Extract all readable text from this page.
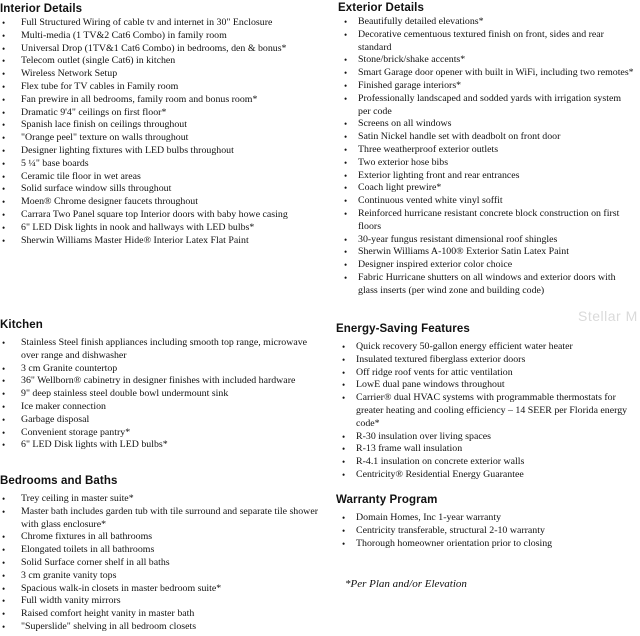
Interior Details
• Full Structured Wiring of cable tv and internet in 30" Enclosure
• Multi-media (1 TV&2 Cat6 Combo) in family room
• Universal Drop (1TV&1 Cat6 Combo) in bedrooms, den & bonus*
• Telecom outlet (single Cat6) in kitchen
• Wireless Network Setup
• Flex tube for TV cables in Family room
• Fan prewire in all bedrooms, family room and bonus room*
• Dramatic 9'4" ceilings on first floor*
• Spanish lace finish on ceilings throughout
• "Orange peel" texture on walls throughout
• Designer lighting fixtures with LED bulbs throughout
• 5 ¼" base boards
• Ceramic tile floor in wet areas
• Solid surface window sills throughout
• Moen® Chrome designer faucets throughout
• Carrara Two Panel square top Interior doors with baby howe casing
• 6" LED Disk lights in nook and hallways with LED bulbs*
• Sherwin Williams Master Hide® Interior Latex Flat Paint
Kitchen
• Stainless Steel finish appliances including smooth top range, microwave over range and dishwasher
• 3 cm Granite countertop
• 36" Wellborn® cabinetry in designer finishes with included hardware
• 9" deep stainless steel double bowl undermount sink
• Ice maker connection
• Garbage disposal
• Convenient storage pantry*
• 6" LED Disk lights with LED bulbs*
Bedrooms and Baths
• Trey ceiling in master suite*
• Master bath includes garden tub with tile surround and separate tile shower with glass enclosure*
• Chrome fixtures in all bathrooms
• Elongated toilets in all bathrooms
• Solid Surface corner shelf in all baths
• 3 cm granite vanity tops
• Spacious walk-in closets in master bedroom suite*
• Full width vanity mirrors
• Raised comfort height vanity in master bath
• "Superslide" shelving in all bedroom closets
Exterior Details
• Beautifully detailed elevations*
• Decorative cementuous textured finish on front, sides and rear standard
• Stone/brick/shake accents*
• Smart Garage door opener with built in WiFi, including two remotes*
• Finished garage interiors*
• Professionally landscaped and sodded yards with irrigation system per code
• Screens on all windows
• Satin Nickel handle set with deadbolt on front door
• Three weatherproof exterior outlets
• Two exterior hose bibs
• Exterior lighting front and rear entrances
• Coach light prewire*
• Continuous vented white vinyl soffit
• Reinforced hurricane resistant concrete block construction on first floors
• 30-year fungus resistant dimensional roof shingles
• Sherwin Williams A-100® Exterior Satin Latex Paint
• Designer inspired exterior color choice
• Fabric Hurricane shutters on all windows and exterior doors with glass inserts (per wind zone and building code)
Energy-Saving Features
• Quick recovery 50-gallon energy efficient water heater
• Insulated textured fiberglass exterior doors
• Off ridge roof vents for attic ventilation
• LowE dual pane windows throughout
• Carrier® dual HVAC systems with programmable thermostats for greater heating and cooling efficiency – 14 SEER per Florida energy code*
• R-30 insulation over living spaces
• R-13 frame wall insulation
• R-4.1 insulation on concrete exterior walls
• Centricity® Residential Energy Guarantee
Warranty Program
• Domain Homes, Inc 1-year warranty
• Centricity transferable, structural 2-10 warranty
• Thorough homeowner orientation prior to closing
*Per Plan and/or Elevation
Stellar M
